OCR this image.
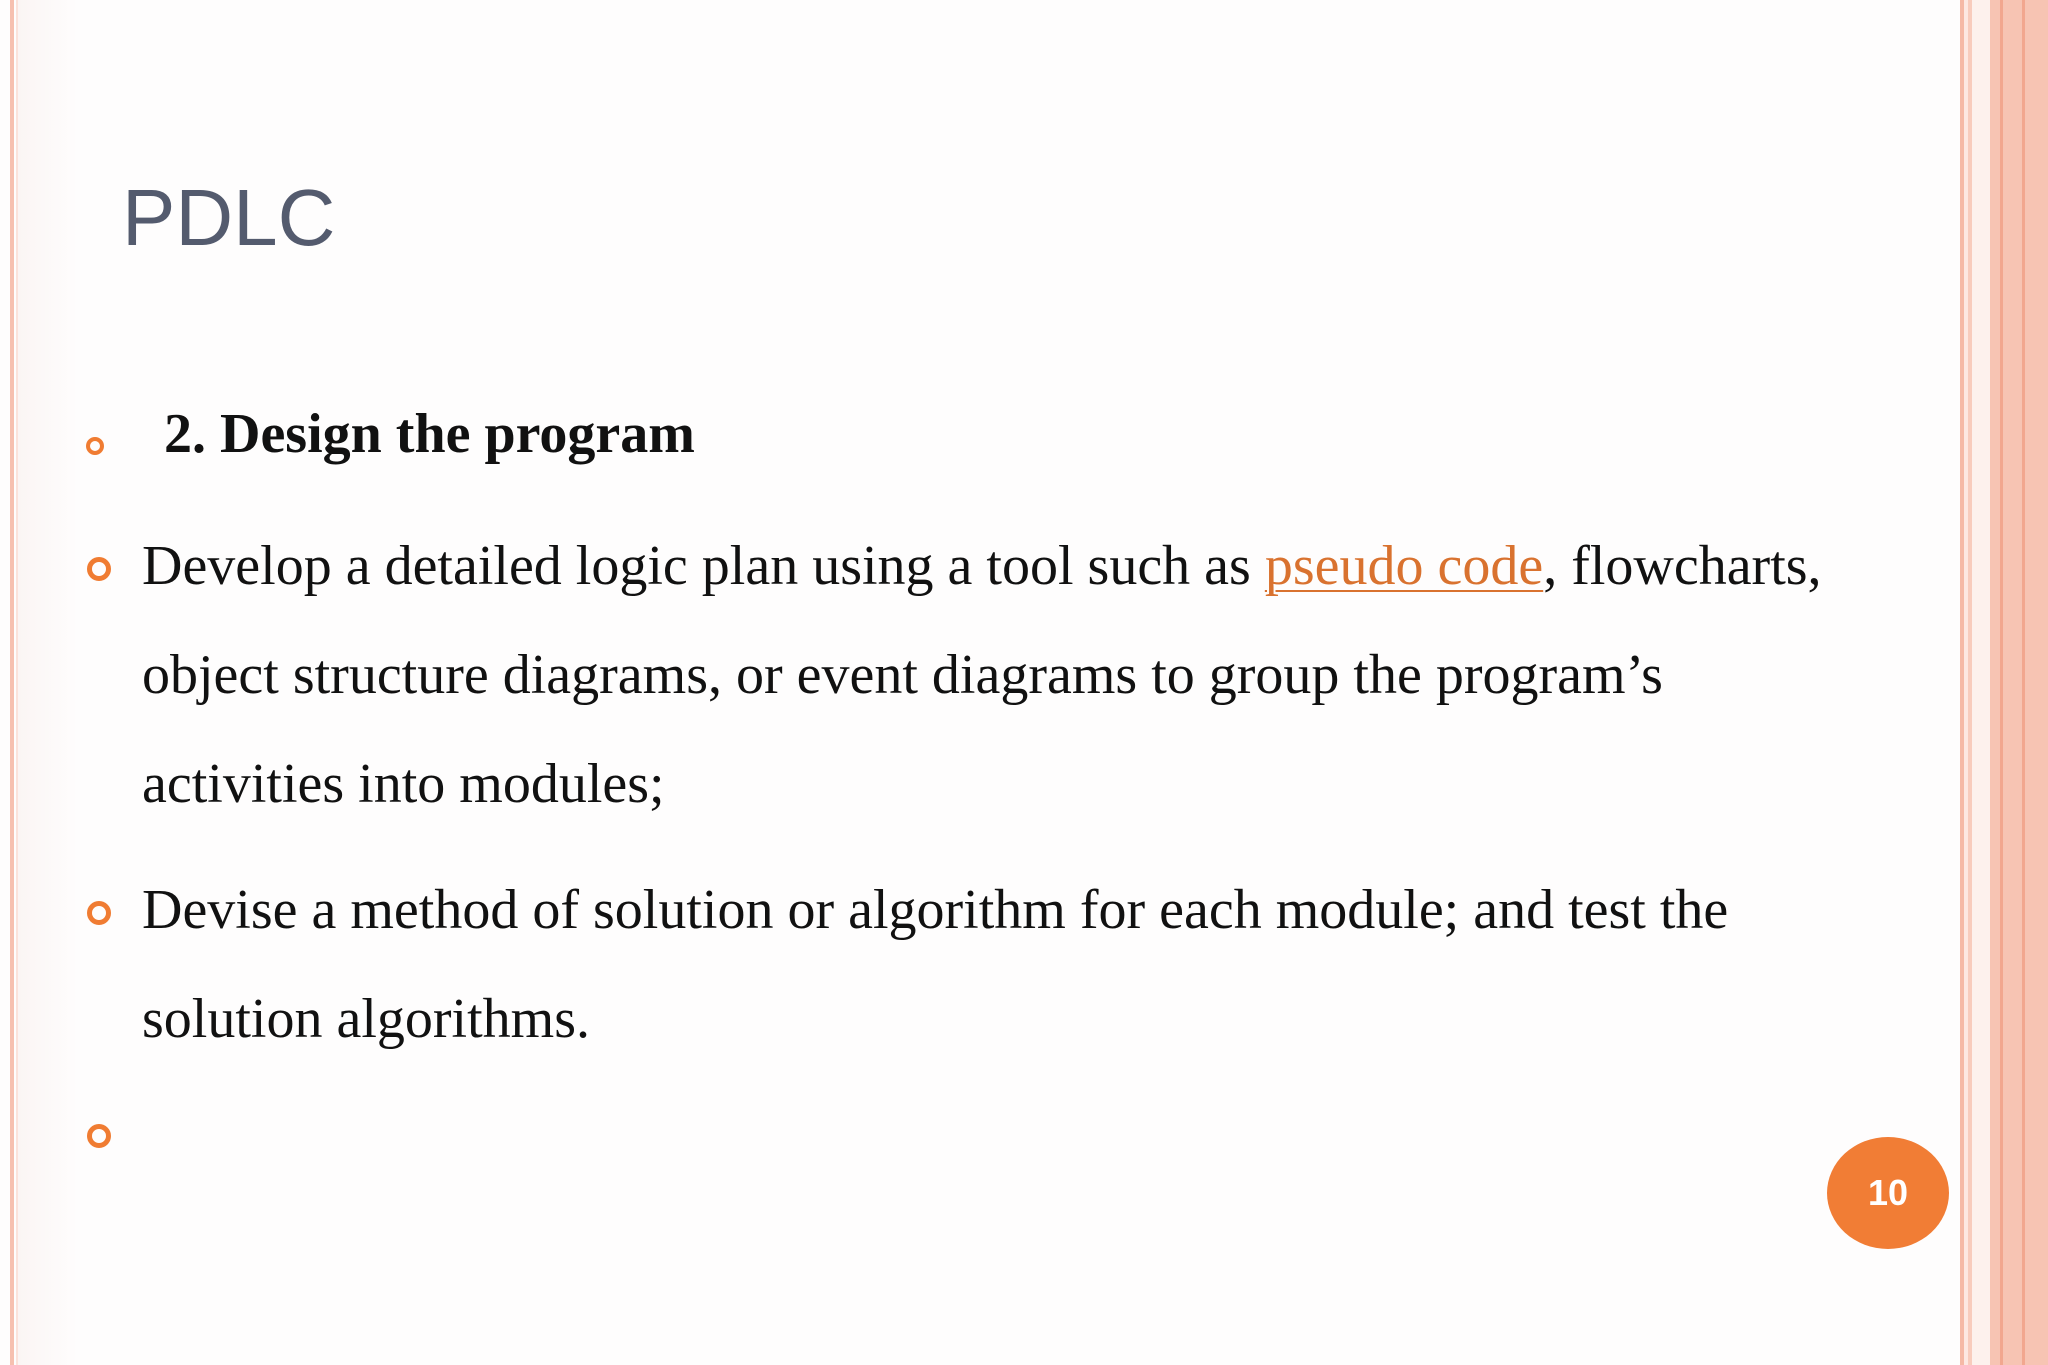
PDLC
2. Design the program
Develop a detailed logic plan using a tool such as pseudo code, flowcharts,
object structure diagrams, or event diagrams to group the program’s
activities into modules;
Devise a method of solution or algorithm for each module; and test the
solution algorithms.
10
